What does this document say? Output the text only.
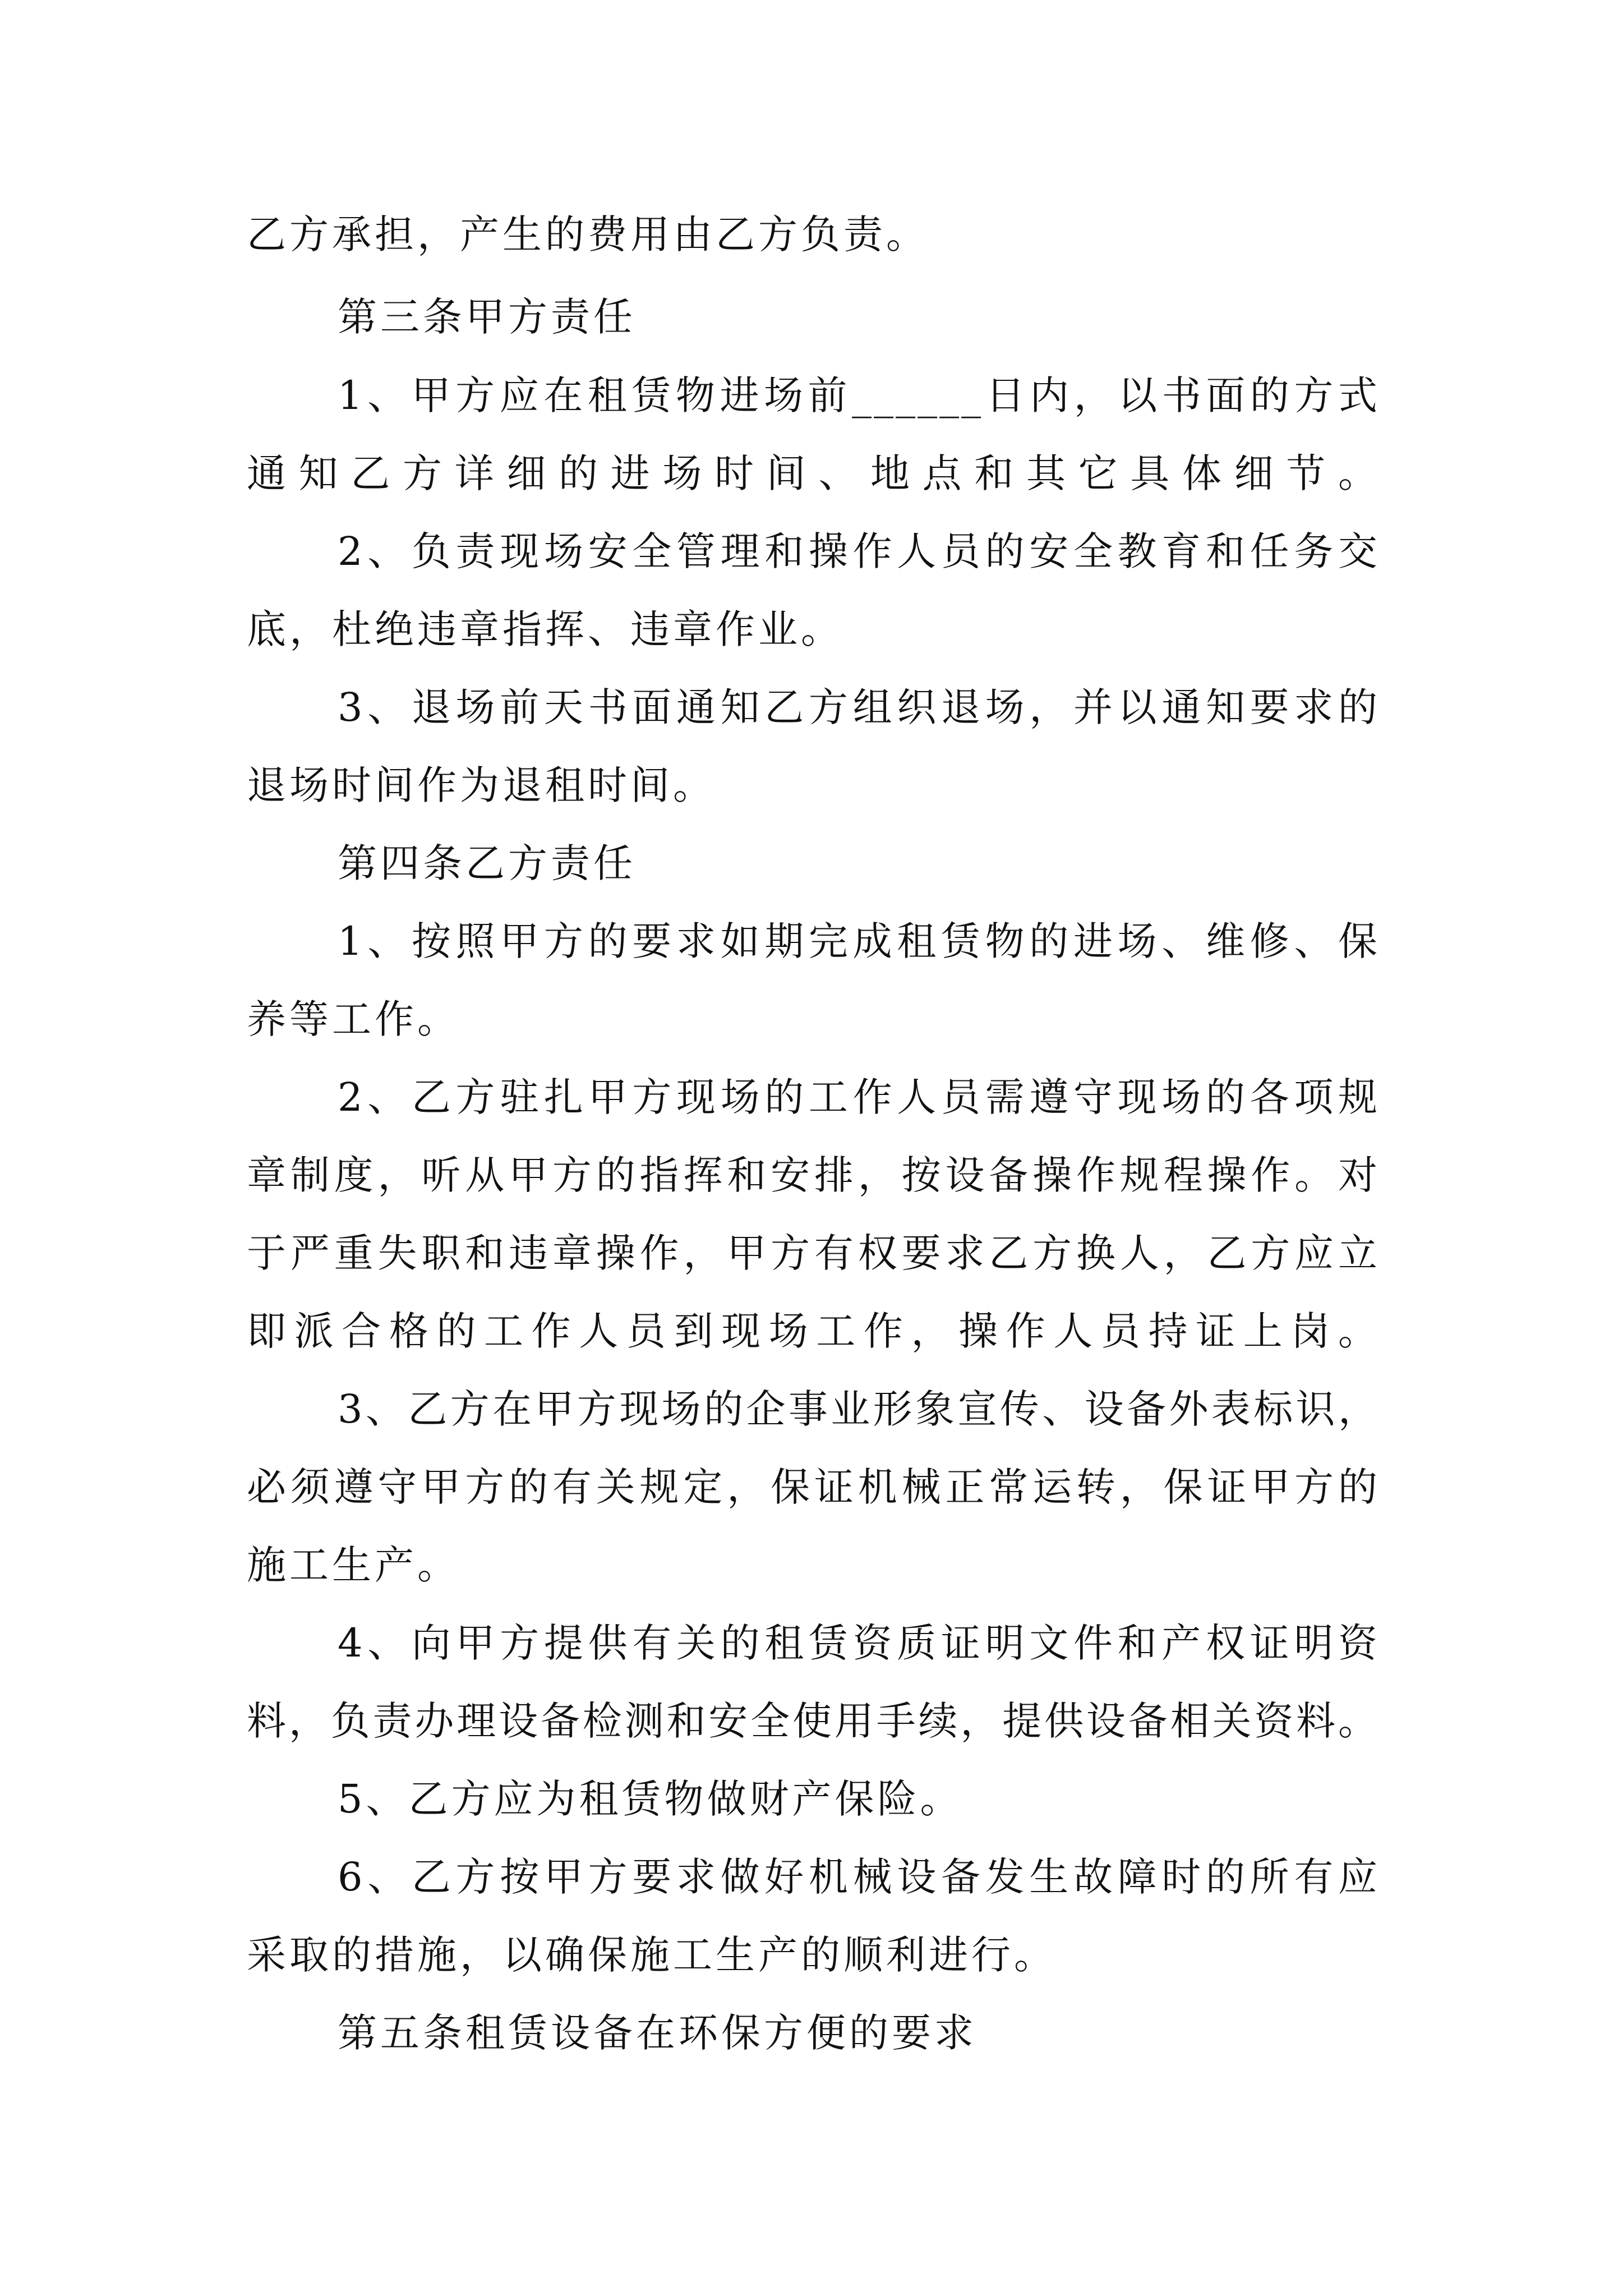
乙方承担，产生的费用由乙方负责。

第三条甲方责任

1、甲方应在租赁物进场前______日内，以书面的方式

通知乙方详细的进场时间、地点和其它具体细节。

2、负责现场安全管理和操作人员的安全教育和任务交

底，杜绝违章指挥、违章作业。

3、退场前天书面通知乙方组织退场，并以通知要求的

退场时间作为退租时间。

第四条乙方责任

1、按照甲方的要求如期完成租赁物的进场、维修、保

养等工作。

2、乙方驻扎甲方现场的工作人员需遵守现场的各项规

章制度，听从甲方的指挥和安排，按设备操作规程操作。对

于严重失职和违章操作，甲方有权要求乙方换人，乙方应立

即派合格的工作人员到现场工作，操作人员持证上岗。

3、乙方在甲方现场的企事业形象宣传、设备外表标识，

必须遵守甲方的有关规定，保证机械正常运转，保证甲方的

施工生产。

4、向甲方提供有关的租赁资质证明文件和产权证明资

料，负责办理设备检测和安全使用手续，提供设备相关资料。

5、乙方应为租赁物做财产保险。

6、乙方按甲方要求做好机械设备发生故障时的所有应

采取的措施，以确保施工生产的顺利进行。

第五条租赁设备在环保方便的要求
